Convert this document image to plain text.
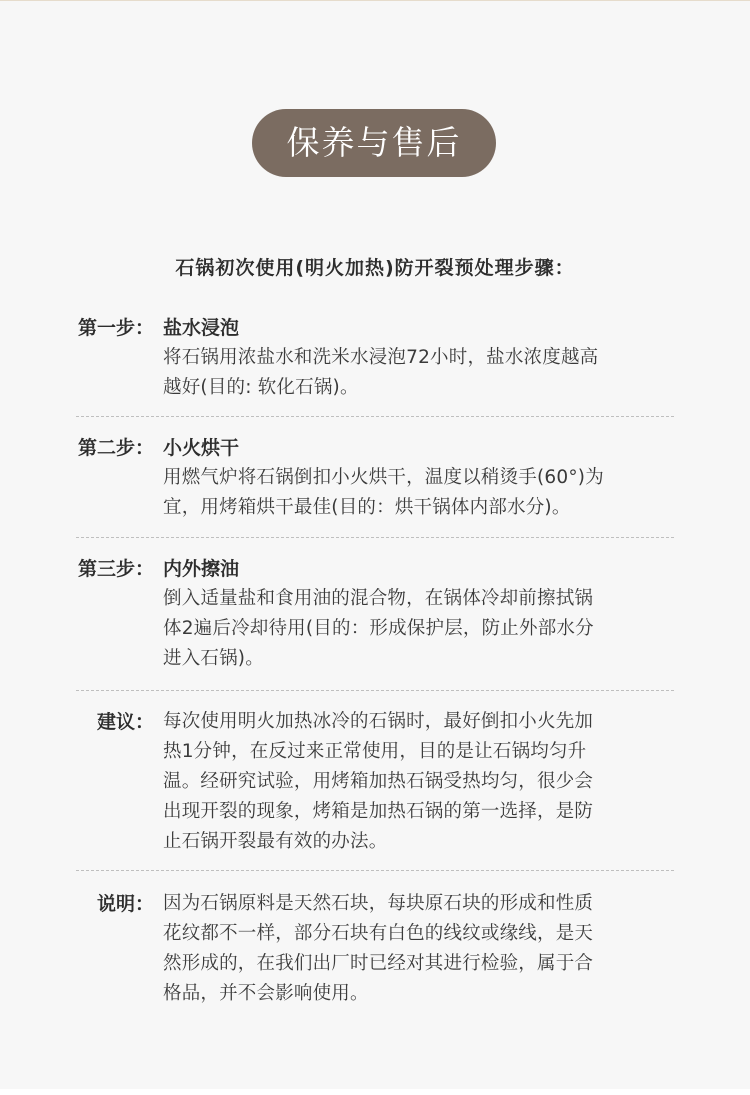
保养与售后
石锅初次使用(明火加热)防开裂预处理步骤：
第一步： 盐水浸泡
将石锅用浓盐水和洗米水浸泡72小时，盐水浓度越高
越好(目的: 软化石锅)。
第二步： 小火烘干
用燃气炉将石锅倒扣小火烘干，温度以稍烫手(60°)为
宜，用烤箱烘干最佳(目的：烘干锅体内部水分)。
第三步： 内外擦油
倒入适量盐和食用油的混合物，在锅体冷却前擦拭锅
体2遍后冷却待用(目的：形成保护层，防止外部水分
进入石锅)。
建议： 每次使用明火加热冰冷的石锅时，最好倒扣小火先加
热1分钟，在反过来正常使用，目的是让石锅均匀升
温。经研究试验，用烤箱加热石锅受热均匀，很少会
出现开裂的现象，烤箱是加热石锅的第一选择，是防
止石锅开裂最有效的办法。
说明： 因为石锅原料是天然石块，每块原石块的形成和性质
花纹都不一样，部分石块有白色的线纹或缘线，是天
然形成的，在我们出厂时已经对其进行检验，属于合
格品，并不会影响使用。
